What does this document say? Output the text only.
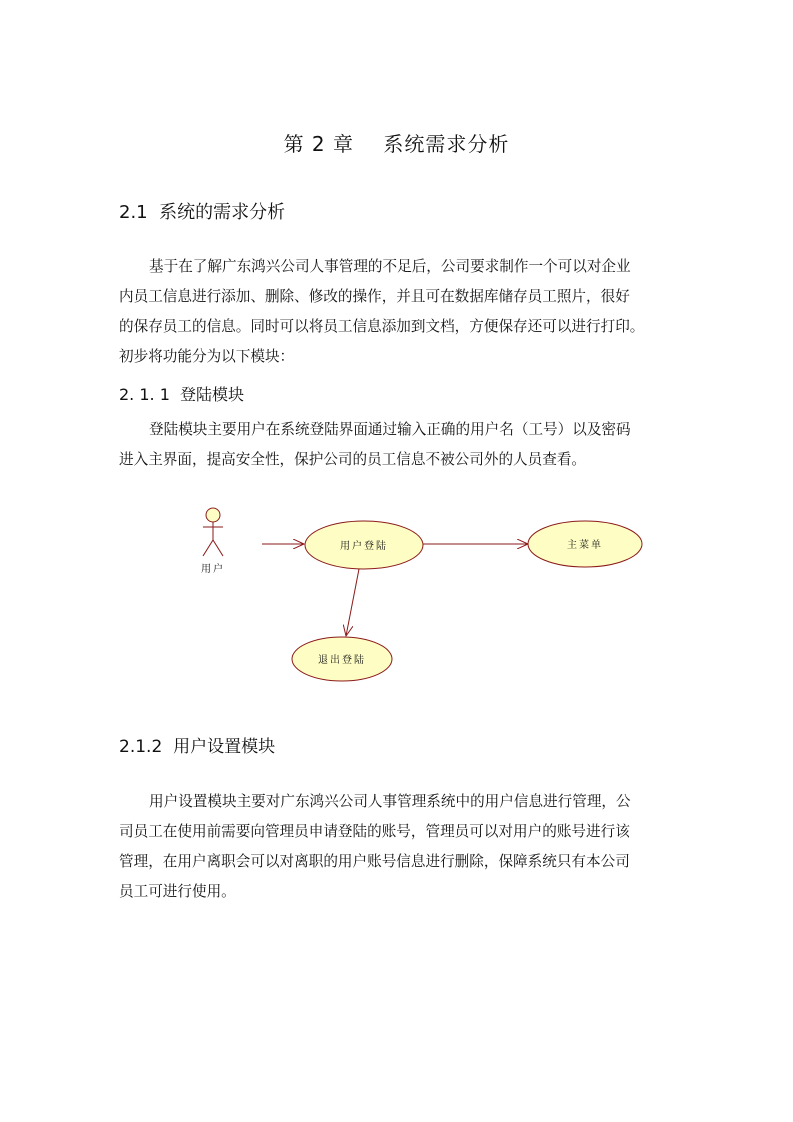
第 2 章    系统需求分析
2.1  系统的需求分析
基于在了解广东鸿兴公司人事管理的不足后，公司要求制作一个可以对企业
内员工信息进行添加、删除、修改的操作，并且可在数据库储存员工照片，很好
的保存员工的信息。同时可以将员工信息添加到文档，方便保存还可以进行打印。
初步将功能分为以下模块：
2. 1. 1  登陆模块
登陆模块主要用户在系统登陆界面通过输入正确的用户名（工号）以及密码
进入主界面，提高安全性，保护公司的员工信息不被公司外的人员查看。
用户
用户登陆	主菜单
退出登陆
2.1.2  用户设置模块
用户设置模块主要对广东鸿兴公司人事管理系统中的用户信息进行管理，公
司员工在使用前需要向管理员申请登陆的账号，管理员可以对用户的账号进行该
管理，在用户离职会可以对离职的用户账号信息进行删除，保障系统只有本公司
员工可进行使用。
